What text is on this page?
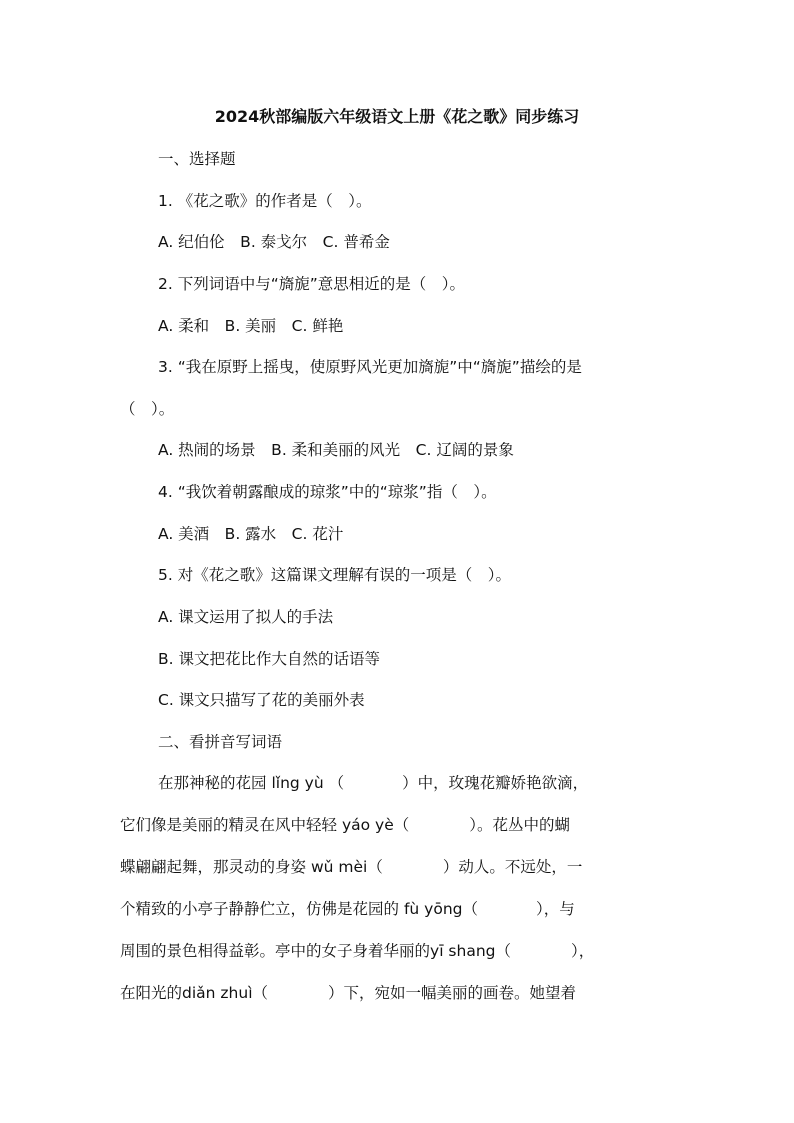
2024秋部编版六年级语文上册《花之歌》同步练习
一、选择题
1. 《花之歌》的作者是（　）。
A. 纪伯伦　B. 泰戈尔　C. 普希金
2. 下列词语中与“旖旎”意思相近的是（　）。
A. 柔和　B. 美丽　C. 鲜艳
3. “我在原野上摇曳，使原野风光更加旖旎”中“旖旎”描绘的是
（　）。
A. 热闹的场景　B. 柔和美丽的风光　C. 辽阔的景象
4. “我饮着朝露酿成的琼浆”中的“琼浆”指（　）。
A. 美酒　B. 露水　C. 花汁
5. 对《花之歌》这篇课文理解有误的一项是（　）。
A. 课文运用了拟人的手法
B. 课文把花比作大自然的话语等
C. 课文只描写了花的美丽外表
二、看拼音写词语
在那神秘的花园 lǐng yù （	）中，玫瑰花瓣娇艳欲滴，
它们像是美丽的精灵在风中轻轻 yáo yè（	）。花丛中的蝴
蝶翩翩起舞，那灵动的身姿 wǔ mèi（	）动人。不远处，一
个精致的小亭子静静伫立，仿佛是花园的 fù yōng（	），与
周围的景色相得益彰。亭中的女子身着华丽的yī shang（	），
在阳光的diǎn zhuì（	）下，宛如一幅美丽的画卷。她望着
